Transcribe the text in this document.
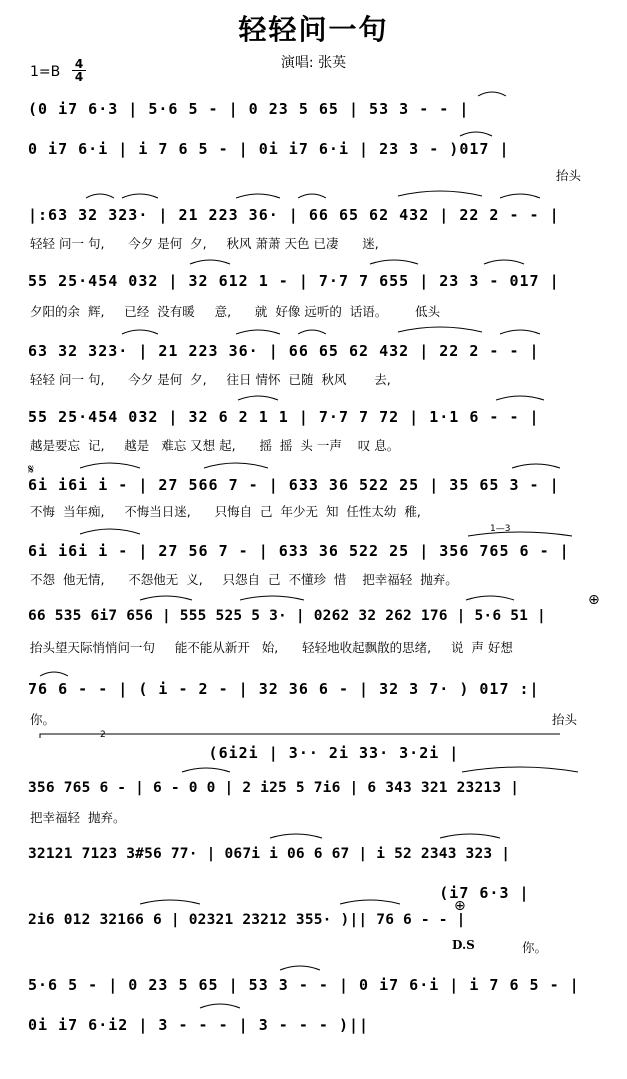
轻轻问一句
演唱: 张英
1=B 4
4
(0 i7 6·3 | 5·6 5 - | 0 23 5 65 | 53 3 - - |
0 i7 6·i | i 7 6 5 - | 0i i7 6·i | 23 3 - )017 |
抬头
|:63 32 323· | 21 223 36· | 66 65 62 432 | 22 2 - - |
轻轻 问一 句,      今夕 是何  夕,     秋风 萧萧 天色 已凄      迷,
55 25·454 032 | 32 612 1 - | 7·7 7 655 | 23 3 - 017 |
夕阳的余  辉,     已经  没有暖     意,      就  好像 远听的  话语。       低头
63 32 323· | 21 223 36· | 66 65 62 432 | 22 2 - - |
轻轻 问一 句,      今夕 是何  夕,     往日 情怀  已随  秋风       去,
55 25·454 032 | 32 6 2 1 1 | 7·7 7 72 | 1·1 6 - - |
越是要忘  记,     越是   难忘 又想 起,      摇  摇  头 一声    叹 息。
𝄋
6i i6i i - | 27 566 7 - | 633 36 522 25 | 35 65 3 - |
不悔  当年痴,     不悔当日迷,      只悔自  己  年少无  知  任性太幼  稚,
1—3
6i i6i i - | 27 56 7 - | 633 36 522 25 | 356 765 6 - |
不怨  他无情,      不怨他无  义,     只怨自  己  不懂珍  惜    把幸福轻  抛弃。
66 535 6i7 656 | 555 525 5 3· | 0262 32 262 176 | 5·6 51 |
抬头望天际悄悄问一句     能不能从新开   始,      轻轻地收起飘散的思绪,     说  声 好想
⊕
76 6 - - | ( i - 2 - | 32 36 6 - | 32 3 7· ) 017 :|
你。	抬头
2
(6i2i | 3·· 2i 33· 3·2i |
356 765 6 - | 6 - 0 0 | 2 i25 5 7i6 | 6 343 321 23213 |
把幸福轻  抛弃。
32121 7123 3#56 77· | 067i i 06 6 67 | i 52 2343 323 |
(i7 6·3 |
⊕
2i6 012 32166 6 | 02321 23212 355· )|| 76 6 - - |
D.S	你。
5·6 5 - | 0 23 5 65 | 53 3 - - | 0 i7 6·i | i 7 6 5 - |
0i i7 6·i2 | 3 - - - | 3 - - - )||
